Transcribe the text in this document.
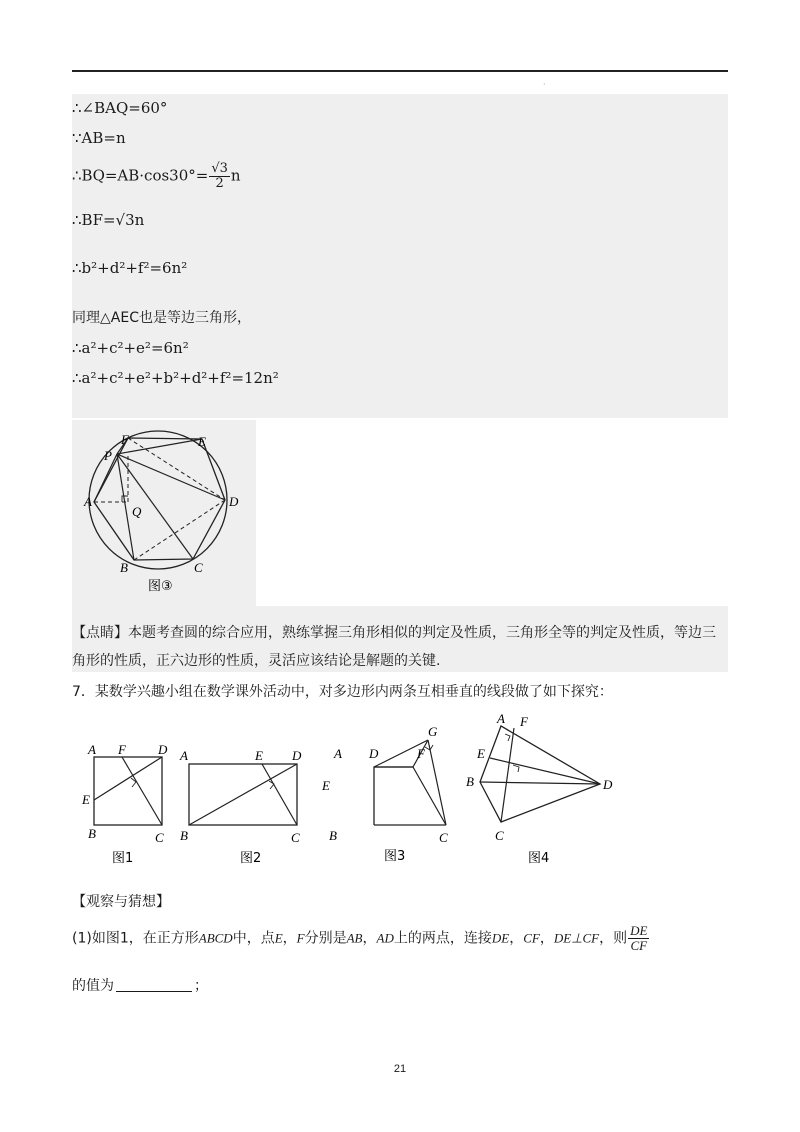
·
∴∠BAQ=60°
∵AB=n
∴BQ=AB·cos30°= $\frac{√3}{2}$ n
∴BF=√3n
∴b²+d²+f²=6n²
同理△AEC也是等边三角形，
∴a²+c²+e²=6n²
∴a²+c²+e²+b²+d²+f²=12n²
F	E
P
A
Q
D
B	C
图③
【点睛】本题考查圆的综合应用，熟练掌握三角形相似的判定及性质，三角形全等的判定及性质，等边三
角形的性质，正六边形的性质，灵活应该结论是解题的关键.
7．某数学兴趣小组在数学课外活动中，对多边形内两条互相垂直的线段做了如下探究：
A F D
E
B	C
图1
A	E D
B	C
图2
G
A D	F
E
B	C
图3
A F
E
B	D
C
图4
【观察与猜想】
(1)如图1，在正方形ABCD中，点E，F分别是AB，AD上的两点，连接DE，CF，DE⊥CF，则 $\frac{DE}{CF}$
的值为	；
21
